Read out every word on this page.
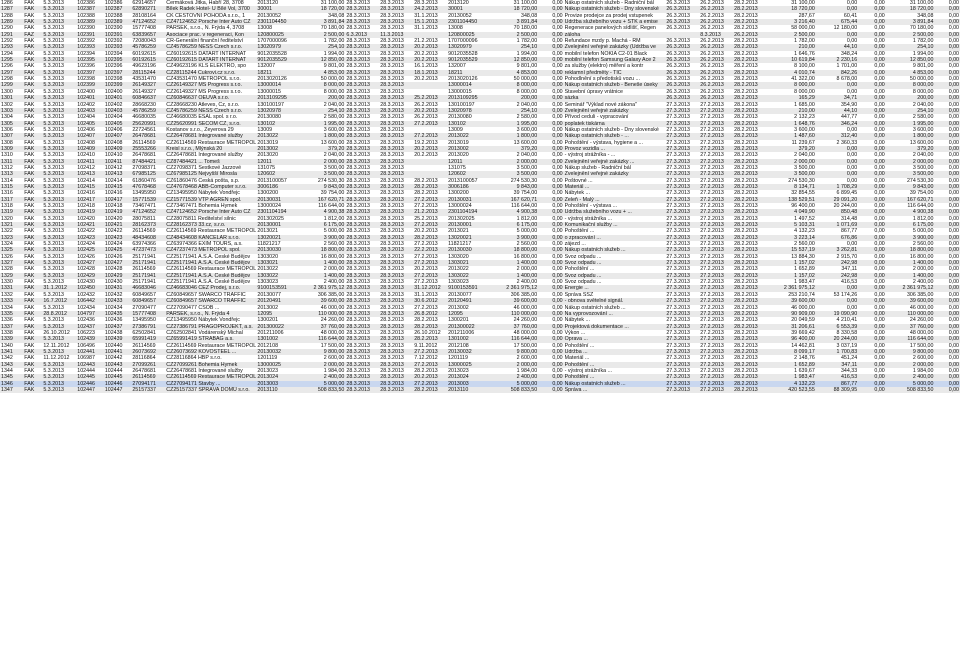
1286	FAK	5.3.2013	102386	102386	62914657	Čermáková Jitka, Habří 28, 3708	2013120	31 100,00	28.3.2013	28.3.2013	28.3.2013	2013120	31 100,00	0,00	Nákup ostatních služeb - Radniční bál	26.3.2013	26.2.2013	28.2.2013	31 100,00	0,00	0,00	31 100,00	0,00
1287	FAK	5.3.2013	102387	102387	62890271	Bílek Radek Hotel- U Bílé Vol, 3700	30001	18 720,00	28.3.2013	28.3.2013	24.2.2013	30001	18 720,00	0,00	Nákup ostatních služeb - Dny slovenské	26.3.2013	26.2.2013	28.2.2013	18 720,00	0,00	0,00	18 720,00	0,00
1288	FAK	5.3.2013	102388	102388	28108164	CK CESTOVNÍ POHODA s.r.o., 1	20130052	348,08	28.3.2013	28.3.2013	31.1.2013	20130052	348,08	0,00	Provize prodejce za prodej vstupenek	26.3.2013	26.2.2013	28.2.2013	287,67	60,41	0,00	348,08	0,00
1289	FAK	5.3.2013	102389	102389	47124652	CZ47124652 Porsche Inter Auto CZ	2301104450	3 891,84	28.3.2013	28.3.2013	15.1.2013	2301104450	3 891,84	0,00	Údržba služebního vozu + STK a emise	26.3.2013	26.2.2013	28.2.2013	3 216,40	675,44	0,00	3 891,84	0,00
1290	FAK	5.3.2013	102390	102390	15777408	PARSEK, s.r.o., N. Frýda 4, 3708	13008	70 180,00	28.3.2013	28.3.2013	31.1.2013	13008	70 180,00	0,00	Regenerace panelových sídlišť, Regen	26.3.2013	26.2.2013	28.2.2013	58 000,00	12 180,00	0,00	70 180,00	0,00
1291	FAZ	5.3.2013	102391	102391	63839657	Asociace prac. v regeneraci, Kon	120800025	2 500,00	6.3.2013	11.3.2013		120800025	2 500,00	0,00	záloha		8.3.2013	26.2.2013	2 500,00	0,00	0,00	2 500,00	0,00
1292	FAK	5.3.2013	102392	102392	72080043	ČR-Generální finanční ředitelství	1707000096	1 782,00	28.3.2013	28.3.2013	21.2.2013	1707000096	1 782,00	0,00	Refundace mzdy p. Machá - RM	26.3.2013	26.2.2013	28.2.2013	1 782,00	0,00	0,00	1 782,00	0,00
1293	FAK	5.3.2013	102393	102393	45786259	CZ45786259 NESS Czech s.r.o.	13020979	254,10	28.3.2013	28.3.2013	20.2.2013	13020979	254,10	0,00	Zvelejnění veřejné zakázky (Údržba ve	26.3.2013	26.2.2013	28.2.2013	210,00	44,10	0,00	254,10	0,00
1294	FAK	5.3.2013	102394	102394	60192615	CZ60192615 DATART INTERNAT	9012035528	1 994,00	28.3.2013	28.3.2013	20.2.2013	9012035528	1 994,00	0,00	mobilní telefon NOKIA C2-01 Black	26.3.2013	26.2.2013	28.2.2013	1 646,76	348,24	0,00	1 994,00	0,00
1295	FAK	5.3.2013	102395	102395	60192615	CZ60192615 DATART INTERNAT	9012035529	12 850,00	28.3.2013	28.3.2013	20.2.2013	9012035529	12 850,00	0,00	mobilní telefon Samsung Galaxy Ace 2	26.3.2013	26.2.2013	28.2.2013	10 619,84	2 230,16	0,00	12 850,00	0,00
1296	FAK	5.3.2013	102396	102396	49623196	CZ49623196 KLS ELEKTRO, spo	132007	9 801,00	28.3.2013	28.3.2013	16.1.2013	132007	9 801,00	0,00	za služby (elektro) měření a kontr	26.3.2013	26.2.2013	28.2.2013	8 100,00	1 701,00	0,00	9 801,00	0,00
1297	FAK	5.3.2013	102397	102397	28115244	CZ28115244 Cukrovi.cz s.r.o.	18211	4 853,00	28.3.2013	28.3.2013	18.1.2013	18211	4 853,00	0,00	reklamní předměty - TIC	26.3.2013	26.2.2013	28.2.2013	4 010,74	842,26	0,00	4 853,00	0,00
1298	FAK	5.3.2013	102398	102398	43531470	CZ43531470 METROPOL s.r.o.	2013020126	50 000,00	28.3.2013	28.3.2013	20.2.2013	2013020126	50 000,00	0,00	Pohodlnění s předotisků vozu ...	26.3.2013	26.2.2013	28.2.2013	41 322,00	8 678,00	0,00	50 000,00	0,00
1299	FAK	5.3.2013	102399	102399	26149327	CZ26149327 MS Progress s.r.o.	13000014	8 000,00	28.3.2013	28.3.2013		13000014	8 000,00	0,00	Nákup ostatních služeb - Beneše úseky	26.3.2013	26.2.2013	28.2.2013	8 000,00	0,00	0,00	8 000,00	0,00
1300	FAK	5.3.2013	102400	102400	26149327	CZ26149327 MS Progress s.r.o.	13000015	8 000,00	28.3.2013	28.3.2013		13000015	8 000,00	0,00	Stavební úpravy vrátnice	26.3.2013	26.2.2013	28.2.2013	8 000,00	0,00	0,00	8 000,00	0,00
1301	FAK	5.3.2013	102401	102401	60846637	CZ60846637 OEUVA s.r.o.	2013109295	200,00	28.3.2013	28.3.2013	25.2.2013	2013109295	200,00	0,00	sázka	26.3.2013	26.2.2013	28.2.2013	165,29	34,71	0,00	200,00	0,00
1302	FAK	5.3.2013	102402	102402	28668230	CZ28668230 Atleves, Cz, s.r.o.	130100197	2 040,00	28.3.2013	28.3.2013	26.2.2013	130100197	2 040,00	0,00	Seminář "Výklad nové zákona"	27.3.2013	27.2.2013	28.2.2013	1 685,00	354,90	0,00	2 040,00	0,00
1303	FAK	5.3.2013	102403	102403	45786259	CZ45786259 NESS Czech s.r.o.	13020978	254,10	28.3.2013	28.3.2013	20.2.2013	13020978	254,10	0,00	Zvelejnění veřejné zakázky	27.3.2013	27.2.2013	28.2.2013	210,00	44,10	0,00	254,10	0,00
1304	FAK	5.3.2013	102404	102404	46680035	CZ46680035 ESAL spol. s r.o.	20130080	2 580,00	28.3.2013	28.3.2013	26.2.2013	20130080	2 580,00	0,00	Přívod ceduli - vypracování	27.3.2013	27.2.2013	28.2.2013	2 132,23	447,77	0,00	2 580,00	0,00
1305	FAK	5.3.2013	102405	102405	25620991	CZ25620991 SECOM CZ, s.r.o.	130102	1 995,00	28.3.2013	28.3.2013	27.2.2013	130102	1 995,00	0,00	poplatek tiskárna	27.3.2013	27.2.2013	28.2.2013	1 648,76	346,24	0,00	1 995,00	0,00
1306	FAK	5.3.2013	102406	102406	22724561	Kostanov s.r.o., Zeyerova 29	13009	3 600,00	28.3.2013	28.3.2013		13009	3 600,00	0,00	Nákup ostatních služeb - Dny slovenské	27.3.2013	27.2.2013	28.2.2013	3 600,00	0,00	0,00	3 600,00	0,00
1307	FAK	5.3.2013	102407	102407	26478681	CZ26478681 Integrované služby	2013022	1 800,00	28.3.2013	28.3.2013	27.2.2013	2013022	1 800,00	0,00	Nákup ostatních služeb - ...	27.3.2013	27.2.2013	28.2.2013	1 487,60	312,40	0,00	1 800,00	0,00
1308	FAK	5.3.2013	102408	102408	26114569	CZ26114569 Restaurace METROPOL	2013019	13 600,00	28.3.2013	28.3.2013	19.2.2013	2013019	13 600,00	0,00	Pohoštění - výstava, hygiene a ...	27.3.2013	27.2.2013	28.2.2013	11 239,67	2 360,33	0,00	13 600,00	0,00
1309	FAK	5.3.2013	102409	102409	25553266	Kreisl s.r.o., Mlýnská 20	2013002	379,20	28.3.2013	28.3.2013	20.2.2013	2013002	379,20	0,00	Provoz vozidla ...	27.3.2013	27.2.2013	28.2.2013	379,20	0,00	0,00	379,20	0,00
1310	FAK	5.3.2013	102410	102410	26478681	CZ26478681 Integrované služby	2013020	2 040,00	28.3.2013	28.3.2013	20.2.2013	2013020	2 040,00	0,00	- výstroj strážníka - ...	27.3.2013	27.2.2013	28.2.2013	2 040,00	0,00	0,00	2 040,00	0,00
1311	FAK	5.3.2013	102411	102411	87484421	CZ87484421 ... Tomeš	12011	2 000,00	28.3.2013	28.3.2013		12011	2 000,00	0,00	Zvelejnění veřejné zakázky ...	27.3.2013	27.2.2013	28.2.2013	2 000,00	0,00	0,00	2 000,00	0,00
1312	FAK	5.3.2013	102412	102412	27098371	CZ27098371 Šestkové Jazzové	131075	3 500,00	28.3.2013	28.3.2013		131075	3 500,00	0,00	Nákup služeb - Radniční bál	27.3.2013	27.2.2013	28.2.2013	3 500,00	0,00	0,00	3 500,00	0,00
1313	FAK	5.3.2013	102413	102413	67985125	CZ67985125 Nejvyšší Mirosla	120602	3 500,00	28.3.2013	28.3.2013		120602	3 500,00	0,00	Zvelejnění veřejné zakázky	27.3.2013	27.2.2013	28.2.2013	3 500,00	0,00	0,00	3 500,00	0,00
1314	FAK	5.3.2013	102414	102414	61860476	CZ61860476 Česká pošta, s.p.	2013100057	274 530,30	28.3.2013	28.3.2013	28.2.2013	2013100057	274 530,30	0,00	Poštovné ...	27.3.2013	27.2.2013	28.2.2013	274 530,30	0,00	0,00	274 530,30	0,00
1315	FAK	5.3.2013	102415	102415	47678468	CZ47678468 ABB-Computer s.r.o.	3006186	9 843,00	28.3.2013	28.3.2013	28.2.2013	3006186	9 843,00	0,00	Materiál ...	27.3.2013	27.2.2013	28.2.2013	8 134,71	1 708,29	0,00	9 843,00	0,00
1316	FAK	5.3.2013	102416	102416	13495950	CZ13495950 Nábytek Vondřejc	1300200	39 754,00	28.3.2013	28.3.2013	28.2.2013	1300200	39 754,00	0,00	Nábytek ...	27.3.2013	27.2.2013	28.2.2013	32 854,55	6 899,45	0,00	39 754,00	0,00
1317	FAK	5.3.2013	102417	102417	15771539	CZ15771539 VTP AGREN spol.	20130031	167 620,71	28.3.2013	28.3.2013	27.2.2013	20130031	167 620,71	0,00	Zeleň - Malý ...	27.3.2013	27.2.2013	28.2.2013	138 529,51	29 091,20	0,00	167 620,71	0,00
1318	FAK	5.3.2013	102418	102418	73467471	CZ73467471 Bohemia Hymek	13000024	116 644,00	28.3.2013	28.3.2013	27.2.2013	13000024	116 644,00	0,00	Pohoštění - výstava ...	27.3.2013	27.2.2013	28.2.2013	96 400,00	20 244,00	0,00	116 644,00	0,00
1319	FAK	5.3.2013	102419	102419	47124652	CZ47124652 Porsche Inter Auto CZ	2301104194	4 900,38	28.3.2013	28.3.2013	21.2.2013	2301104194	4 900,38	0,00	Údržba služebního vozu + ...	27.3.2013	27.2.2013	28.2.2013	4 049,90	850,48	0,00	4 900,38	0,00
1320	FAK	5.3.2013	102420	102420	28075811	CZ28075811 Ředitelství silnic	201302025	1 812,00	28.3.2013	28.3.2013	25.2.2013	201302025	1 812,00	0,00	- výstroj strážníka ...	27.3.2013	27.2.2013	28.2.2013	1 497,52	314,48	0,00	1 812,00	0,00
1321	FAK	5.3.2013	102421	102421	28162373	CZ28162373 33.cz, s.r.o.	20130001	6 175,00	28.3.2013	28.3.2013	27.2.2013	20130001	6 175,00	0,00	Komunikační služby ...	27.3.2013	27.2.2013	28.2.2013	5 103,31	1 071,69	0,00	6 175,00	0,00
1322	FAK	5.3.2013	102422	102422	26114569	CZ26114569 Restaurace METROPOL	2013021	5 000,00	28.3.2013	28.3.2013	20.2.2013	2013021	5 000,00	0,00	Pohoštění ...	27.3.2013	27.2.2013	28.2.2013	4 132,23	867,77	0,00	5 000,00	0,00
1323	FAK	5.3.2013	102423	102423	48434608	CZ48434608 KANCELÁŘ s.r.o.	13020021	3 900,00	28.3.2013	28.3.2013	28.2.2013	13020021	3 900,00	0,00	o zpracování ...	27.3.2013	27.2.2013	28.2.2013	3 223,14	676,86	0,00	3 900,00	0,00
1324	FAK	5.3.2013	102424	102424	63974366	CZ63974366 EXIM TOURS, a.s.	11821217	2 560,00	28.3.2013	28.3.2013	27.2.2013	11821217	2 560,00	0,00	zájezd ...	27.3.2013	27.2.2013	28.2.2013	2 560,00	0,00	0,00	2 560,00	0,00
1325	FAK	5.3.2013	102425	102425	47237473	CZ47237473 METROPOL spol.	20130030	18 800,00	28.3.2013	28.3.2013	22.2.2013	20130030	18 800,00	0,00	Nákup ostatních služeb ...	27.3.2013	27.2.2013	28.2.2013	15 537,19	3 262,81	0,00	18 800,00	0,00
1326	FAK	5.3.2013	102426	102426	25171941	CZ25171941 A.S.A. České Budějov	1303020	16 800,00	28.3.2013	28.3.2013	27.2.2013	1303020	16 800,00	0,00	Svoz odpadu ...	27.3.2013	27.2.2013	28.2.2013	13 884,30	2 915,70	0,00	16 800,00	0,00
1327	FAK	5.3.2013	102427	102427	25171941	CZ25171941 A.S.A. České Budějov	1303021	1 400,00	28.3.2013	28.3.2013	27.2.2013	1303021	1 400,00	0,00	Svoz odpadu ...	27.3.2013	27.2.2013	28.2.2013	1 157,02	242,98	0,00	1 400,00	0,00
1328	FAK	5.3.2013	102428	102428	26114569	CZ26114569 Restaurace METROPOL	2013022	2 000,00	28.3.2013	28.3.2013	20.2.2013	2013022	2 000,00	0,00	Pohoštění ...	27.3.2013	27.2.2013	28.2.2013	1 652,89	347,11	0,00	2 000,00	0,00
1329	FAK	5.3.2013	102429	102429	25171941	CZ25171941 A.S.A. České Budějov	1303022	1 400,00	28.3.2013	28.3.2013	27.2.2013	1303022	1 400,00	0,00	Svoz odpadu ...	27.3.2013	27.2.2013	28.2.2013	1 157,02	242,98	0,00	1 400,00	0,00
1330	FAK	5.3.2013	102430	102430	25171941	CZ25171941 A.S.A. České Budějov	1303023	2 400,00	28.3.2013	28.3.2013	27.2.2013	1303023	2 400,00	0,00	Svoz odpadu ...	27.3.2013	27.2.2013	28.2.2013	1 983,47	416,53	0,00	2 400,00	0,00
1331	FAK	31.1.2012	102450	102431	46683046	CZ46683046 ČEZ Prodej, s.r.o.	9100153591	2 361 975,12	28.3.2013	28.3.2013	31.12.2012	9100153591	2 361 975,12	0,00	Energie ...	27.3.2013	27.2.2013	28.2.2013	2 361 975,12	0,00	0,00	2 361 975,12	0,00
1332	FAK	5.3.2013	102432	102432	60849657	CZ60849657 SWARCO TRAFFIC	20130077	306 385,00	28.3.2013	28.3.2013	31.1.2013	20130077	306 385,00	0,00	Správa SSZ	27.3.2013	27.2.2013	28.2.2013	253 210,74	53 174,26	0,00	306 385,00	0,00
1333	FAK	16.7.2012	106442	102433	60849657	CZ60849657 SWARCO TRAFFIC	20120491	39 600,00	28.3.2013	28.3.2013	30.6.2012	20120491	39 600,00	0,00	- obnova světelné signál.	27.3.2013	27.2.2013	28.2.2013	39 600,00	0,00	0,00	39 600,00	0,00
1334	FAK	5.3.2013	102434	102434	27090477	CZ27090477 ČSOB ...	2013002	46 000,00	28.3.2013	28.3.2013	27.2.2013	2013002	46 000,00	0,00	Nákup ostatních služeb ...	27.3.2013	27.2.2013	28.2.2013	46 000,00	0,00	0,00	46 000,00	0,00
1335	FAK	28.8.2012	104797	102435	15777408	PARSEK, s.r.o., N. Frýda 4	12095	110 000,00	28.3.2013	28.3.2013	26.8.2012	12095	110 000,00	0,00	Na vyprovozování ...	27.3.2013	27.2.2013	28.2.2013	90 909,00	19 090,90	0,00	110 000,00	0,00
1336	FAK	5.3.2013	102436	102436	13495950	CZ13495950 Nábytek Vondřejc	1300201	24 260,00	28.3.2013	28.3.2013	28.2.2013	1300201	24 260,00	0,00	Nábytek ...	27.3.2013	27.2.2013	28.2.2013	20 049,59	4 210,41	0,00	24 260,00	0,00
1337	FAK	5.3.2013	102437	102437	27386791	CZ27386791 PRAGOPROJEKT, a.s.	201300022	37 760,00	28.3.2013	28.3.2013	28.2.2013	201300022	37 760,00	0,00	Projektová dokumentace ...	27.3.2013	27.2.2013	28.2.2013	31 206,61	6 553,39	0,00	37 760,00	0,00
1338	FAK	26.10.2012	106223	102438	62502841	CZ62502841 Vodárenský Michal	201211006	48 000,00	28.3.2013	28.3.2013	26.10.2012	201211006	48 000,00	0,00	Výkon ...	27.3.2013	27.2.2013	28.2.2013	39 669,42	8 330,58	0,00	48 000,00	0,00
1339	FAK	5.3.2013	102439	102439	65991419	CZ65991419 STRABAG a.s.	1301002	116 644,00	28.3.2013	28.3.2013	28.2.2013	1301002	116 644,00	0,00	Oprava ...	27.3.2013	27.2.2013	28.2.2013	96 400,00	20 244,00	0,00	116 644,00	0,00
1340	FAK	12.11.2012	106496	102440	26114569	CZ26114569 Restaurace METROPOL	2012108	17 500,00	28.3.2013	28.3.2013	9.11.2012	2012108	17 500,00	0,00	Pohoštění ...	27.3.2013	27.2.2013	28.2.2013	14 462,81	3 037,19	0,00	17 500,00	0,00
1341	FAK	5.3.2013	102441	102441	26073692	CZ26073692 KOVOSTEEL ...	20130032	9 800,00	28.3.2013	28.3.2013	27.2.2013	20130032	9 800,00	0,00	Údržba ...	27.3.2013	27.2.2013	28.2.2013	8 099,17	1 700,83	0,00	9 800,00	0,00
1342	FAK	11.12.2012	106987	102442	28116864	CZ28116864 HBP s.r.o.	1201119	2 600,00	28.3.2013	28.3.2013	7.12.2012	1201119	2 600,00	0,00	Materiál ...	27.3.2013	27.2.2013	28.2.2013	2 148,76	451,24	0,00	2 600,00	0,00
1343	FAK	5.3.2013	102443	102443	27099261	CZ27099261 Bohemia Hymek	13000025	2 000,00	28.3.2013	28.3.2013	27.2.2013	13000025	2 000,00	0,00	Pohoštění ...	27.3.2013	27.2.2013	28.2.2013	1 652,89	347,11	0,00	2 000,00	0,00
1344	FAK	5.3.2013	102444	102444	26478681	CZ26478681 Integrované služby	2013023	1 984,00	28.3.2013	28.3.2013	28.2.2013	2013023	1 984,00	0,00	- výstroj strážníka ...	27.3.2013	27.2.2013	28.2.2013	1 639,67	344,33	0,00	1 984,00	0,00
1345	FAK	5.3.2013	102445	102445	26114569	CZ26114569 Restaurace METROPOL	2013024	2 400,00	28.3.2013	28.3.2013	20.2.2013	2013024	2 400,00	0,00	Pohoštění ...	27.3.2013	27.2.2013	28.2.2013	1 983,47	416,53	0,00	2 400,00	0,00
1346	FAK	5.3.2013	102446	102446	27094171	CZ27094171 Stavby ...	2013003	5 000,00	28.3.2013	28.3.2013	27.2.2013	2013003	5 000,00	0,00	Nákup ostatních služeb ...	27.3.2013	27.2.2013	28.2.2013	4 132,23	867,77	0,00	5 000,00	0,00
1347	FAK	5.3.2013	102447	102447	25157337	CZ25157337 SPRÁVA DOMŮ s.r.o.	2013110	508 833,50	28.3.2013	28.3.2013	28.2.2013	2013110	508 833,50	0,00	Správa ...	27.3.2013	27.2.2013	28.2.2013	420 523,55	88 309,95	0,00	508 833,50	0,00
